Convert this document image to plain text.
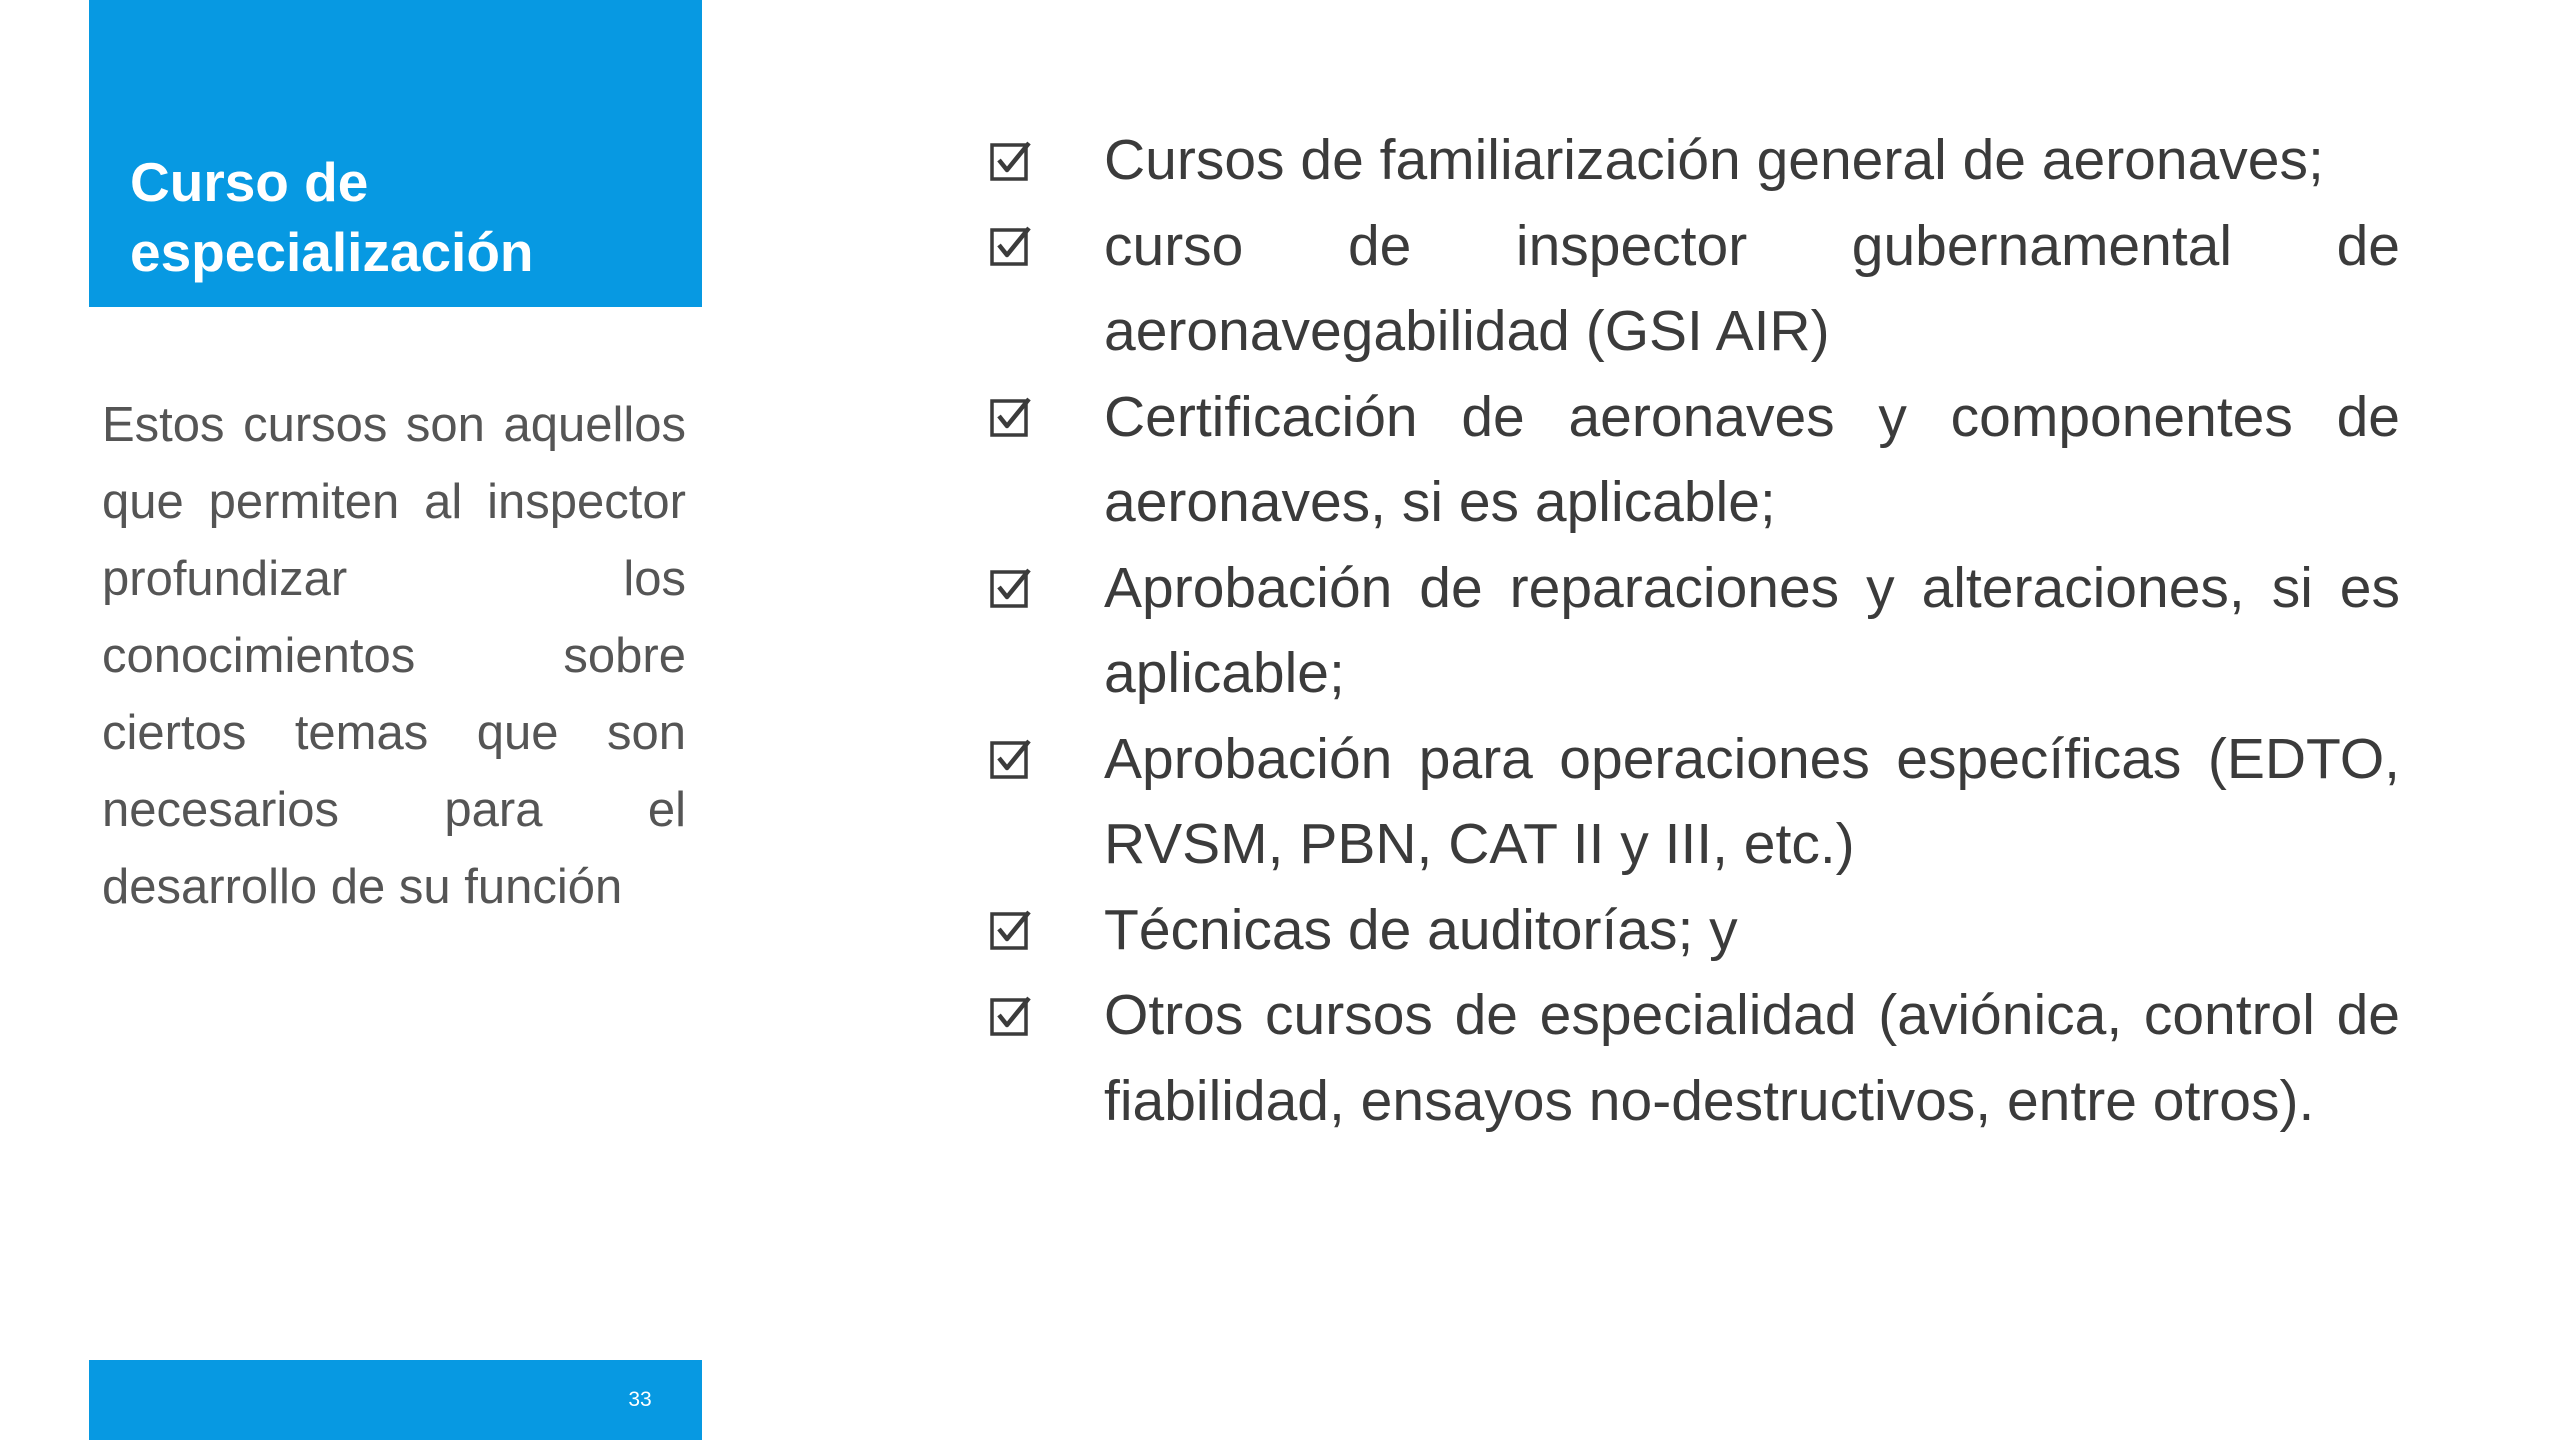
Curso de especialización

Estos cursos son aquellos que permiten al inspector profundizar los conocimientos sobre ciertos temas que son necesarios para el desarrollo de su función

Cursos de familiarización general de aeronaves;
curso de inspector gubernamental de aeronavegabilidad (GSI AIR)
Certificación de aeronaves y componentes de aeronaves, si es aplicable;
Aprobación de reparaciones y alteraciones, si es aplicable;
Aprobación para operaciones específicas (EDTO, RVSM, PBN, CAT II y III, etc.)
Técnicas de auditorías; y
Otros cursos de especialidad (aviónica, control de fiabilidad, ensayos no-destructivos, entre otros).
33
